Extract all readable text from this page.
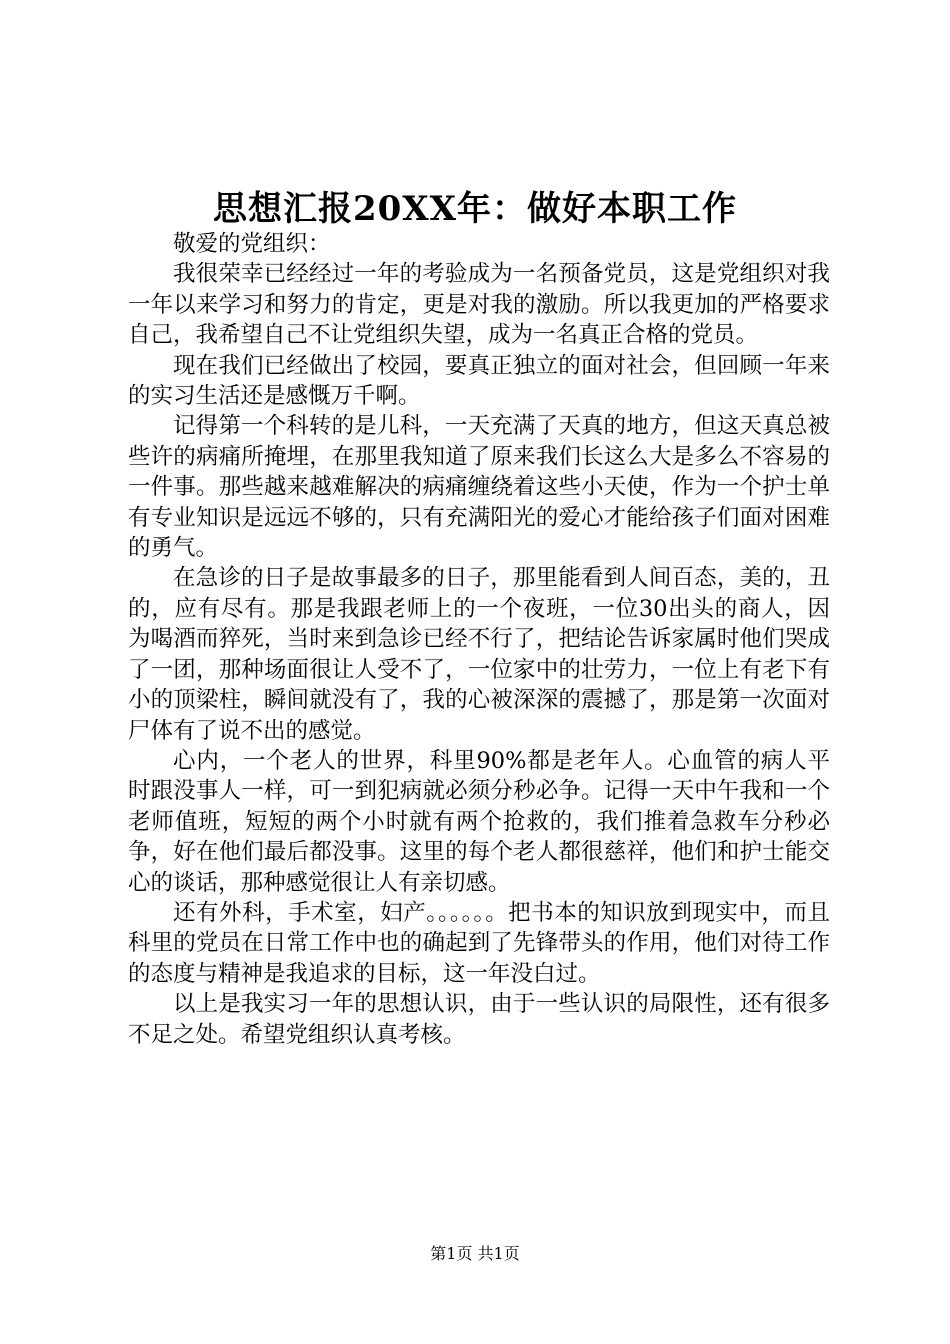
思想汇报20XX年：做好本职工作

敬爱的党组织：

我很荣幸已经经过一年的考验成为一名预备党员，这是党组织对我一年以来学习和努力的肯定，更是对我的激励。所以我更加的严格要求自己，我希望自己不让党组织失望，成为一名真正合格的党员。

现在我们已经做出了校园，要真正独立的面对社会，但回顾一年来的实习生活还是感慨万千啊。

记得第一个科转的是儿科，一天充满了天真的地方，但这天真总被些许的病痛所掩埋，在那里我知道了原来我们长这么大是多么不容易的一件事。那些越来越难解决的病痛缠绕着这些小天使，作为一个护士单有专业知识是远远不够的，只有充满阳光的爱心才能给孩子们面对困难的勇气。

在急诊的日子是故事最多的日子，那里能看到人间百态，美的，丑的，应有尽有。那是我跟老师上的一个夜班，一位30出头的商人，因为喝酒而猝死，当时来到急诊已经不行了，把结论告诉家属时他们哭成了一团，那种场面很让人受不了，一位家中的壮劳力，一位上有老下有小的顶梁柱，瞬间就没有了，我的心被深深的震撼了，那是第一次面对尸体有了说不出的感觉。

心内，一个老人的世界，科里90%都是老年人。心血管的病人平时跟没事人一样，可一到犯病就必须分秒必争。记得一天中午我和一个老师值班，短短的两个小时就有两个抢救的，我们推着急救车分秒必争，好在他们最后都没事。这里的每个老人都很慈祥，他们和护士能交心的谈话，那种感觉很让人有亲切感。

还有外科，手术室，妇产。。。。。。把书本的知识放到现实中，而且科里的党员在日常工作中也的确起到了先锋带头的作用，他们对待工作的态度与精神是我追求的目标，这一年没白过。

以上是我实习一年的思想认识，由于一些认识的局限性，还有很多不足之处。希望党组织认真考核。

第1页 共1页
